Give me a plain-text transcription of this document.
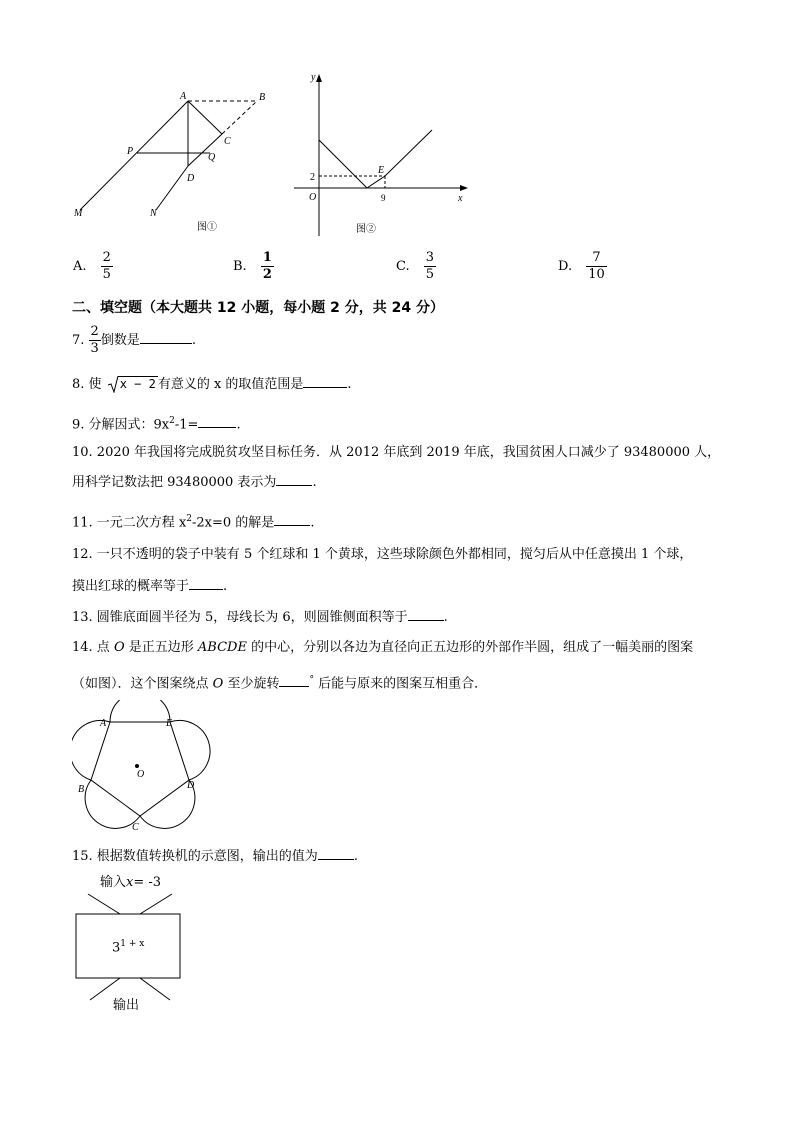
A	B
C
P
Q
D
M	N
图①
y
x
O
2
9
E
图②
A. $\frac{2}{5}$	B. $\frac{1}{2}$	C. $\frac{3}{5}$	D. $\frac{7}{10}$
二、填空题（本大题共 12 小题，每小题 2 分，共 24 分）
7. $\frac{2}{3}$ 倒数是	.
8. 使 x − 2 有意义的 x 的取值范围是	.
9. 分解因式：$9x^2-1=$	.
10. 2020 年我国将完成脱贫攻坚目标任务．从 2012 年底到 2019 年底，我国贫困人口减少了 93480000 人，
用科学记数法把 93480000 表示为	.
11. 一元二次方程 $x^2-2x=0$ 的解是	.
12. 一只不透明的袋子中装有 5 个红球和 1 个黄球，这些球除颜色外都相同，搅匀后从中任意摸出 1 个球，
摸出红球的概率等于	.
13. 圆锥底面圆半径为 5，母线长为 6，则圆锥侧面积等于	.
14. 点 O 是正五边形 ABCDE 的中心，分别以各边为直径向正五边形的外部作半圆，组成了一幅美丽的图案
（如图）．这个图案绕点 O 至少旋转	° 后能与原来的图案互相重合．
A	E
B	D
C
O
15. 根据数值转换机的示意图，输出的值为	.
输入x= -3
$3^{1 + x}$
输出
